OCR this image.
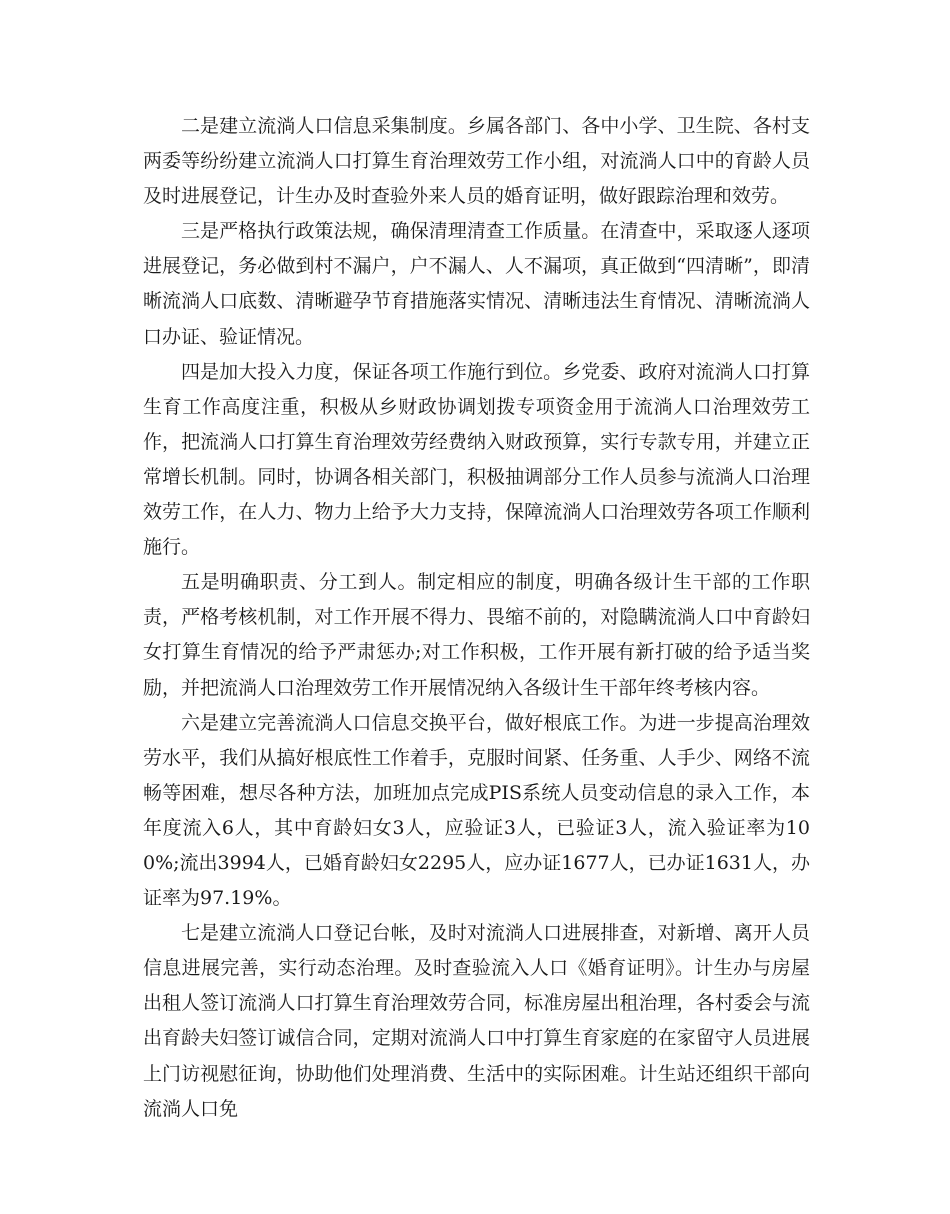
二是建立流淌人口信息采集制度。乡属各部门、各中小学、卫生院、各村支两委等纷纷建立流淌人口打算生育治理效劳工作小组，对流淌人口中的育龄人员及时进展登记，计生办及时查验外来人员的婚育证明，做好跟踪治理和效劳。

三是严格执行政策法规，确保清理清查工作质量。在清查中，采取逐人逐项进展登记，务必做到村不漏户，户不漏人、人不漏项，真正做到“四清晰”，即清晰流淌人口底数、清晰避孕节育措施落实情况、清晰违法生育情况、清晰流淌人口办证、验证情况。

四是加大投入力度，保证各项工作施行到位。乡党委、政府对流淌人口打算生育工作高度注重，积极从乡财政协调划拨专项资金用于流淌人口治理效劳工作，把流淌人口打算生育治理效劳经费纳入财政预算，实行专款专用，并建立正常增长机制。同时，协调各相关部门，积极抽调部分工作人员参与流淌人口治理效劳工作，在人力、物力上给予大力支持，保障流淌人口治理效劳各项工作顺利施行。

五是明确职责、分工到人。制定相应的制度，明确各级计生干部的工作职责，严格考核机制，对工作开展不得力、畏缩不前的，对隐瞒流淌人口中育龄妇女打算生育情况的给予严肃惩办;对工作积极，工作开展有新打破的给予适当奖励，并把流淌人口治理效劳工作开展情况纳入各级计生干部年终考核内容。

六是建立完善流淌人口信息交换平台，做好根底工作。为进一步提高治理效劳水平，我们从搞好根底性工作着手，克服时间紧、任务重、人手少、网络不流畅等困难，想尽各种方法，加班加点完成PIS系统人员变动信息的录入工作，本年度流入6人，其中育龄妇女3人，应验证3人，已验证3人，流入验证率为100%;流出3994人，已婚育龄妇女2295人，应办证1677人，已办证1631人，办证率为97.19%。

七是建立流淌人口登记台帐，及时对流淌人口进展排查，对新增、离开人员信息进展完善，实行动态治理。及时查验流入人口《婚育证明》。计生办与房屋出租人签订流淌人口打算生育治理效劳合同，标准房屋出租治理，各村委会与流出育龄夫妇签订诚信合同，定期对流淌人口中打算生育家庭的在家留守人员进展上门访视慰征询，协助他们处理消费、生活中的实际困难。计生站还组织干部向流淌人口免
